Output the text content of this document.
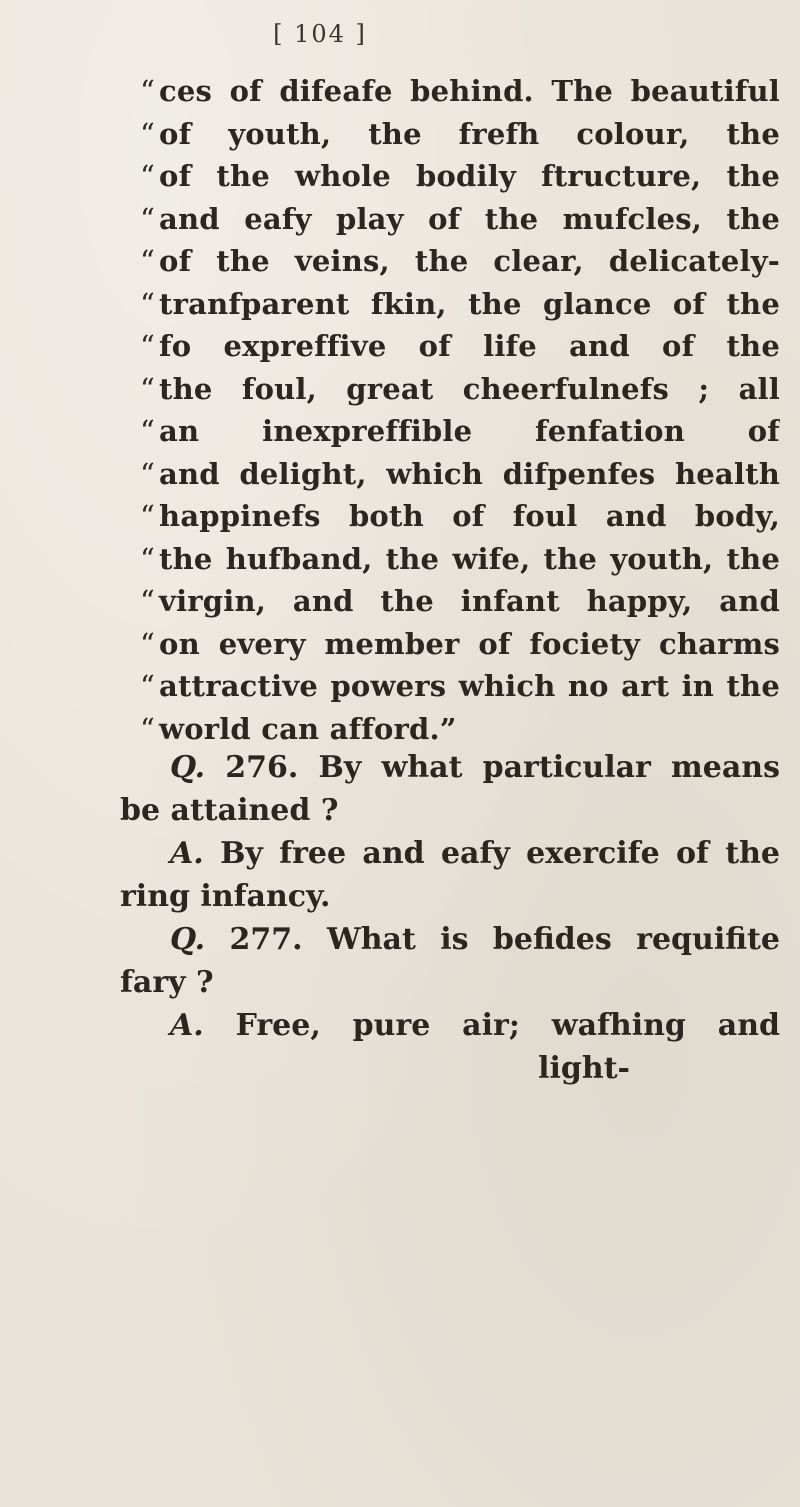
[ 104 ]
“ ces of difeafe behind. The beautiful
“ of youth, the frefh colour, the
“ of the whole bodily ftructure, the
“ and eafy play of the mufcles, the
“ of the veins, the clear, delicately-
“ tranfparent fkin, the glance of the
“ fo expreffive of life and of the
“ the foul, great cheerfulnefs ; all
“ an inexpreffible fenfation of
“ and delight, which difpenfes health
“ happinefs both of foul and body,
“ the hufband, the wife, the youth, the
“ virgin, and the infant happy, and
“ on every member of fociety charms
“ attractive powers which no art in the
“ world can afford.”
Q. 276. By what particular means
be attained ?
A. By free and eafy exercife of the
ring infancy.
Q. 277. What is befides requifite
fary ?
A. Free, pure air; wafhing and
light-
